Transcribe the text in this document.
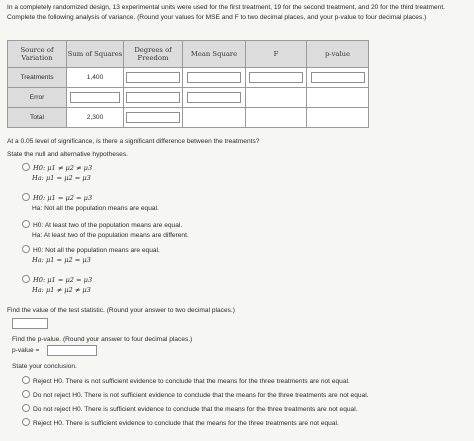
In a completely randomized design, 13 experimental units were used for the first treatment, 19 for the second treatment, and 20 for the third treatment. Complete the following analysis of variance. (Round your values for MSE and F to two decimal places, and your p-value to four decimal places.)
Source of Variation	Sum of Squares	Degrees of Freedom	Mean Square	F	p-value
Treatments	1,400				
Error					
Total	2,300				
At a 0.05 level of significance, is there a significant difference between the treatments?
State the null and alternative hypotheses.
H0: μ1 ≠ μ2 ≠ μ3
Ha: μ1 = μ2 = μ3
H0: μ1 = μ2 = μ3
Ha: Not all the population means are equal.
H0: At least two of the population means are equal.
Ha: At least two of the population means are different.
H0: Not all the population means are equal.
Ha: μ1 = μ2 = μ3
H0: μ1 = μ2 = μ3
Ha: μ1 ≠ μ2 ≠ μ3
Find the value of the test statistic. (Round your answer to two decimal places.)
Find the p-value. (Round your answer to four decimal places.)
p-value =
State your conclusion.
Reject H0. There is not sufficient evidence to conclude that the means for the three treatments are not equal.
Do not reject H0. There is not sufficient evidence to conclude that the means for the three treatments are not equal.
Do not reject H0. There is sufficient evidence to conclude that the means for the three treatments are not equal.
Reject H0. There is sufficient evidence to conclude that the means for the three treatments are not equal.
